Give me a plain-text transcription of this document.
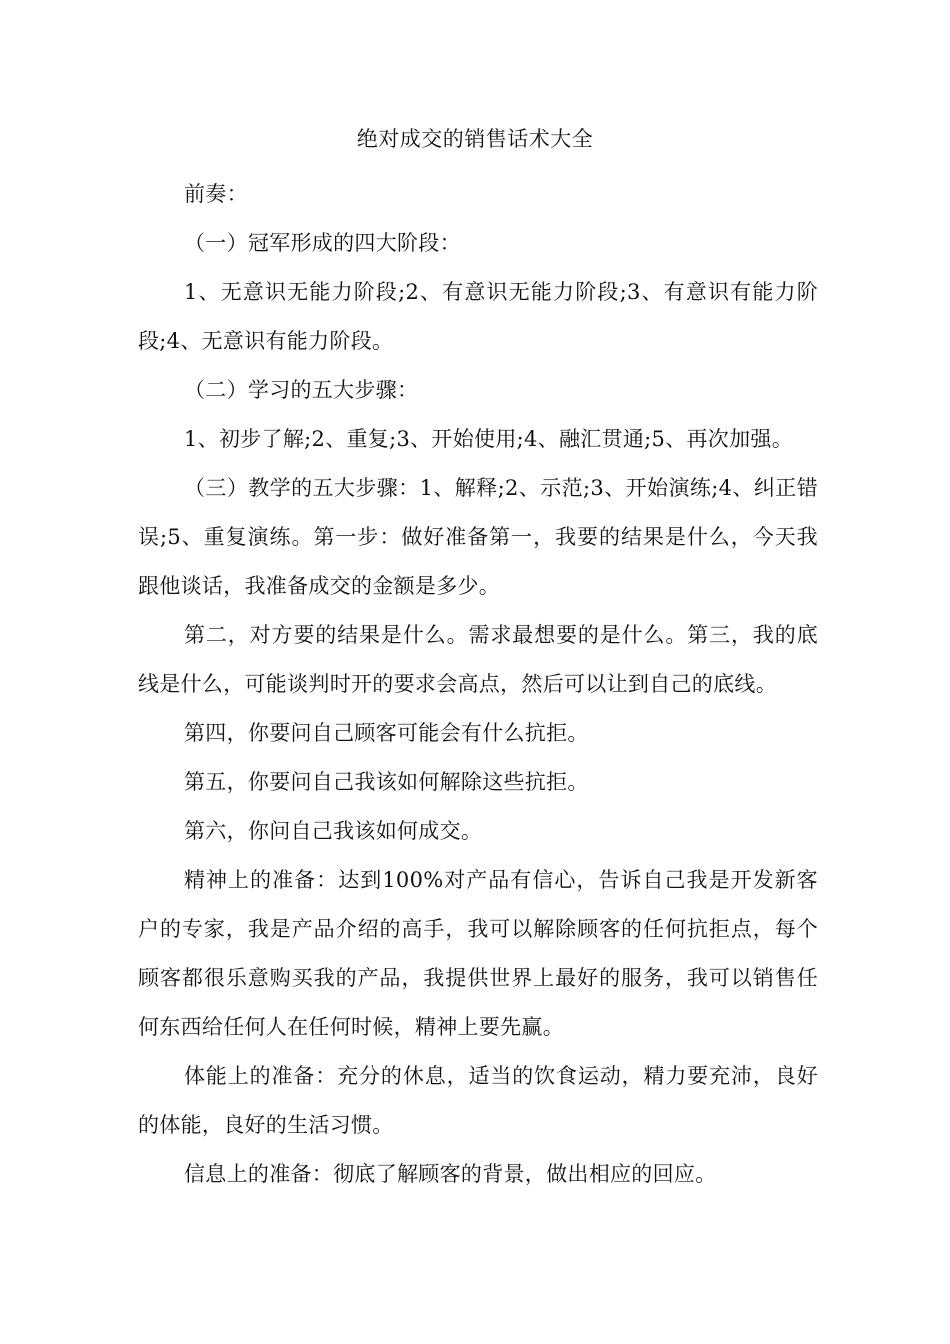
绝对成交的销售话术大全

前奏：

（一）冠军形成的四大阶段：

1、无意识无能力阶段;2、有意识无能力阶段;3、有意识有能力阶段;4、无意识有能力阶段。

（二）学习的五大步骤：

1、初步了解;2、重复;3、开始使用;4、融汇贯通;5、再次加强。

（三）教学的五大步骤：1、解释;2、示范;3、开始演练;4、纠正错误;5、重复演练。第一步：做好准备第一，我要的结果是什么，今天我跟他谈话，我准备成交的金额是多少。

第二，对方要的结果是什么。需求最想要的是什么。第三，我的底线是什么，可能谈判时开的要求会高点，然后可以让到自己的底线。

第四，你要问自己顾客可能会有什么抗拒。

第五，你要问自己我该如何解除这些抗拒。

第六，你问自己我该如何成交。

精神上的准备：达到100%对产品有信心，告诉自己我是开发新客户的专家，我是产品介绍的高手，我可以解除顾客的任何抗拒点，每个顾客都很乐意购买我的产品，我提供世界上最好的服务，我可以销售任何东西给任何人在任何时候，精神上要先赢。

体能上的准备：充分的休息，适当的饮食运动，精力要充沛，良好的体能，良好的生活习惯。

信息上的准备：彻底了解顾客的背景，做出相应的回应。
